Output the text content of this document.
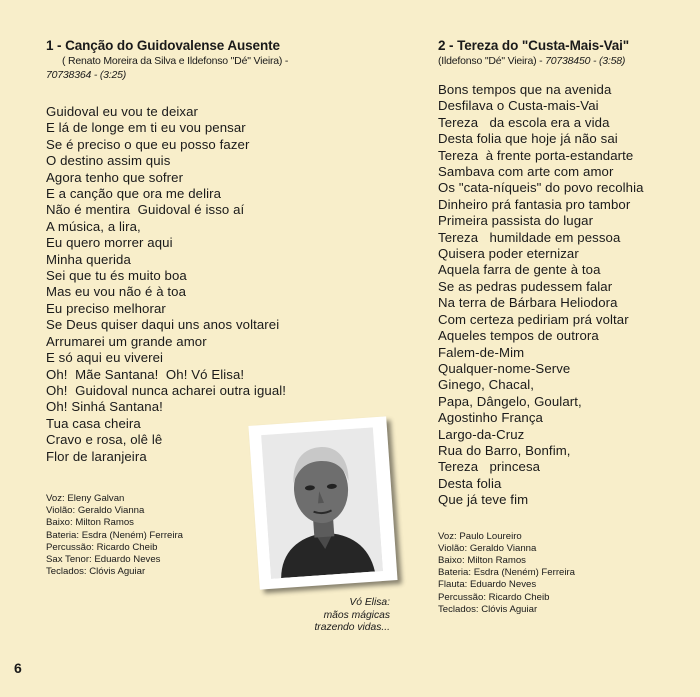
1 - Canção do Guidovalense Ausente

( Renato Moreira da Silva e Ildefonso "Dé" Vieira) -

70738364 - (3:25)

Guidoval eu vou te deixar
E lá de longe em ti eu vou pensar
Se é preciso o que eu posso fazer
O destino assim quis
Agora tenho que sofrer
E a canção que ora me delira
Não é mentira  Guidoval é isso aí
A música, a lira,
Eu quero morrer aqui
Minha querida
Sei que tu és muito boa
Mas eu vou não é à toa
Eu preciso melhorar
Se Deus quiser daqui uns anos voltarei
Arrumarei um grande amor
E só aqui eu viverei
Oh!  Mãe Santana!  Oh! Vó Elisa!
Oh!  Guidoval nunca acharei outra igual!
Oh! Sinhá Santana!
Tua casa cheira
Cravo e rosa, olê lê
Flor de laranjeira
Voz: Eleny Galvan
Violão: Geraldo Vianna
Baixo: Milton Ramos
Bateria: Esdra (Neném) Ferreira
Percussão: Ricardo Cheib
Sax Tenor: Eduardo Neves
Teclados: Clóvis Aguiar
2 - Tereza do "Custa-Mais-Vai"

(Ildefonso "Dé" Vieira) - 70738450 - (3:58)

Bons tempos que na avenida
Desfilava o Custa-mais-Vai
Tereza   da escola era a vida
Desta folia que hoje já não sai
Tereza  à frente porta-estandarte
Sambava com arte com amor
Os "cata-níqueis" do povo recolhia
Dinheiro prá fantasia pro tambor
Primeira passista do lugar
Tereza   humildade em pessoa
Quisera poder eternizar
Aquela farra de gente à toa
Se as pedras pudessem falar
Na terra de Bárbara Heliodora
Com certeza pediriam prá voltar
Aqueles tempos de outrora
Falem-de-Mim
Qualquer-nome-Serve
Ginego, Chacal,
Papa, Dângelo, Goulart,
Agostinho França
Largo-da-Cruz
Rua do Barro, Bonfim,
Tereza   princesa
Desta folia
Que já teve fim
Voz: Paulo Loureiro
Violão: Geraldo Vianna
Baixo: Milton Ramos
Bateria: Esdra (Neném) Ferreira
Flauta: Eduardo Neves
Percussão: Ricardo Cheib
Teclados: Clóvis Aguiar
Vó Elisa:
mãos mágicas
trazendo vidas...
6
